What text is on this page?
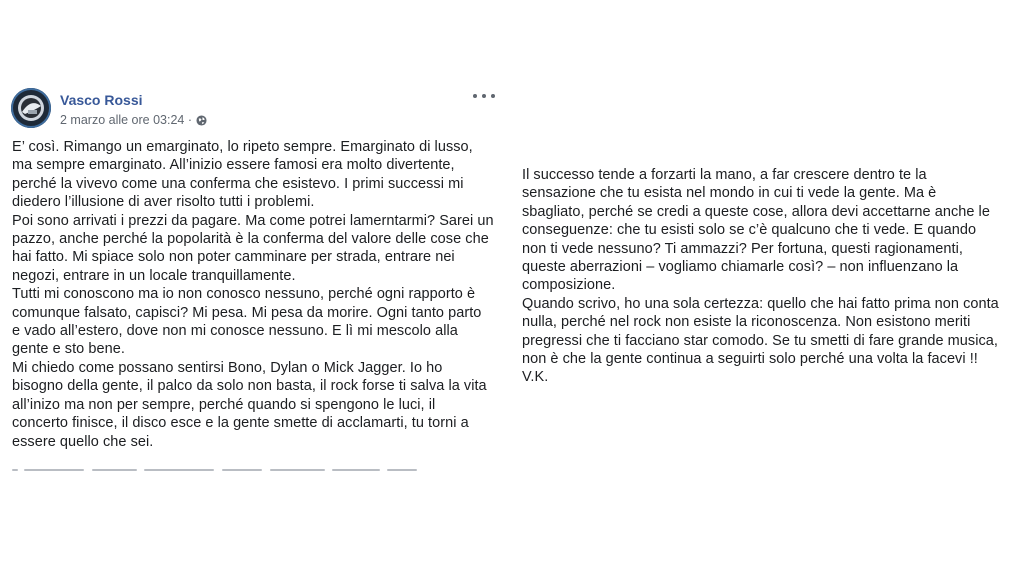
Vasco Rossi
2 marzo alle ore 03:24 ·
E’ così. Rimango un emarginato, lo ripeto sempre. Emarginato di lusso,
ma sempre emarginato. All’inizio essere famosi era molto divertente,
perché la vivevo come una conferma che esistevo. I primi successi mi
diedero l’illusione di aver risolto tutti i problemi.
Poi sono arrivati i prezzi da pagare. Ma come potrei lamerntarmi? Sarei un
pazzo, anche perché la popolarità è la conferma del valore delle cose che
hai fatto. Mi spiace solo non poter camminare per strada, entrare nei
negozi, entrare in un locale tranquillamente.
Tutti mi conoscono ma io non conosco nessuno, perché ogni rapporto è
comunque falsato, capisci? Mi pesa. Mi pesa da morire. Ogni tanto parto
e vado all’estero, dove non mi conosce nessuno. E lì mi mescolo alla
gente e sto bene.
Mi chiedo come possano sentirsi Bono, Dylan o Mick Jagger. Io ho
bisogno della gente, il palco da solo non basta, il rock forse ti salva la vita
all’inizo ma non per sempre, perché quando si spengono le luci, il
concerto finisce, il disco esce e la gente smette di acclamarti, tu torni a
essere quello che sei.
Il successo tende a forzarti la mano, a far crescere dentro te la
sensazione che tu esista nel mondo in cui ti vede la gente. Ma è
sbagliato, perché se credi a queste cose, allora devi accettarne anche le
conseguenze: che tu esisti solo se c’è qualcuno che ti vede. E quando
non ti vede nessuno? Ti ammazzi? Per fortuna, questi ragionamenti,
queste aberrazioni – vogliamo chiamarle così? – non influenzano la
composizione.
Quando scrivo, ho una sola certezza: quello che hai fatto prima non conta
nulla, perché nel rock non esiste la riconoscenza. Non esistono meriti
pregressi che ti facciano star comodo. Se tu smetti di fare grande musica,
non è che la gente continua a seguirti solo perché una volta la facevi !!
V.K.
